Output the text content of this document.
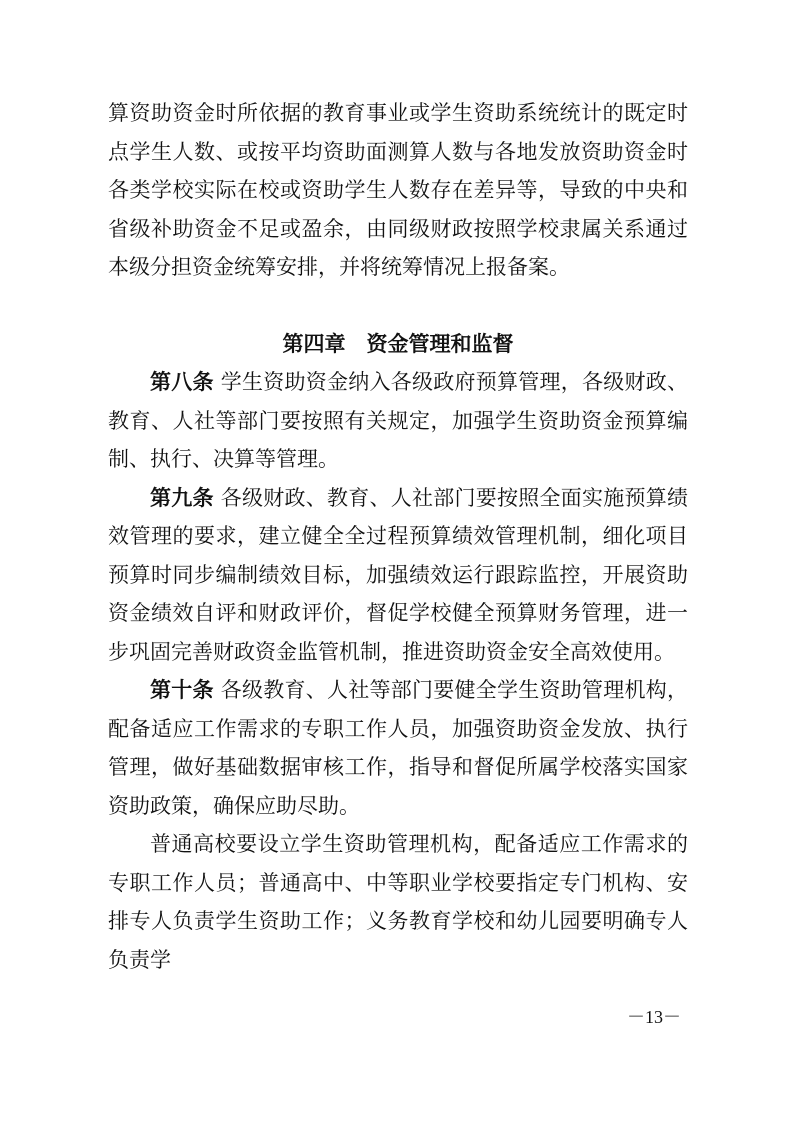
算资助资金时所依据的教育事业或学生资助系统统计的既定时点学生人数、或按平均资助面测算人数与各地发放资助资金时各类学校实际在校或资助学生人数存在差异等，导致的中央和省级补助资金不足或盈余，由同级财政按照学校隶属关系通过本级分担资金统筹安排，并将统筹情况上报备案。

第四章　资金管理和监督

第八条 学生资助资金纳入各级政府预算管理，各级财政、教育、人社等部门要按照有关规定，加强学生资助资金预算编制、执行、决算等管理。

第九条 各级财政、教育、人社部门要按照全面实施预算绩效管理的要求，建立健全全过程预算绩效管理机制，细化项目预算时同步编制绩效目标，加强绩效运行跟踪监控，开展资助资金绩效自评和财政评价，督促学校健全预算财务管理，进一步巩固完善财政资金监管机制，推进资助资金安全高效使用。

第十条 各级教育、人社等部门要健全学生资助管理机构，配备适应工作需求的专职工作人员，加强资助资金发放、执行管理，做好基础数据审核工作，指导和督促所属学校落实国家资助政策，确保应助尽助。

普通高校要设立学生资助管理机构，配备适应工作需求的专职工作人员；普通高中、中等职业学校要指定专门机构、安排专人负责学生资助工作；义务教育学校和幼儿园要明确专人负责学

－13－
